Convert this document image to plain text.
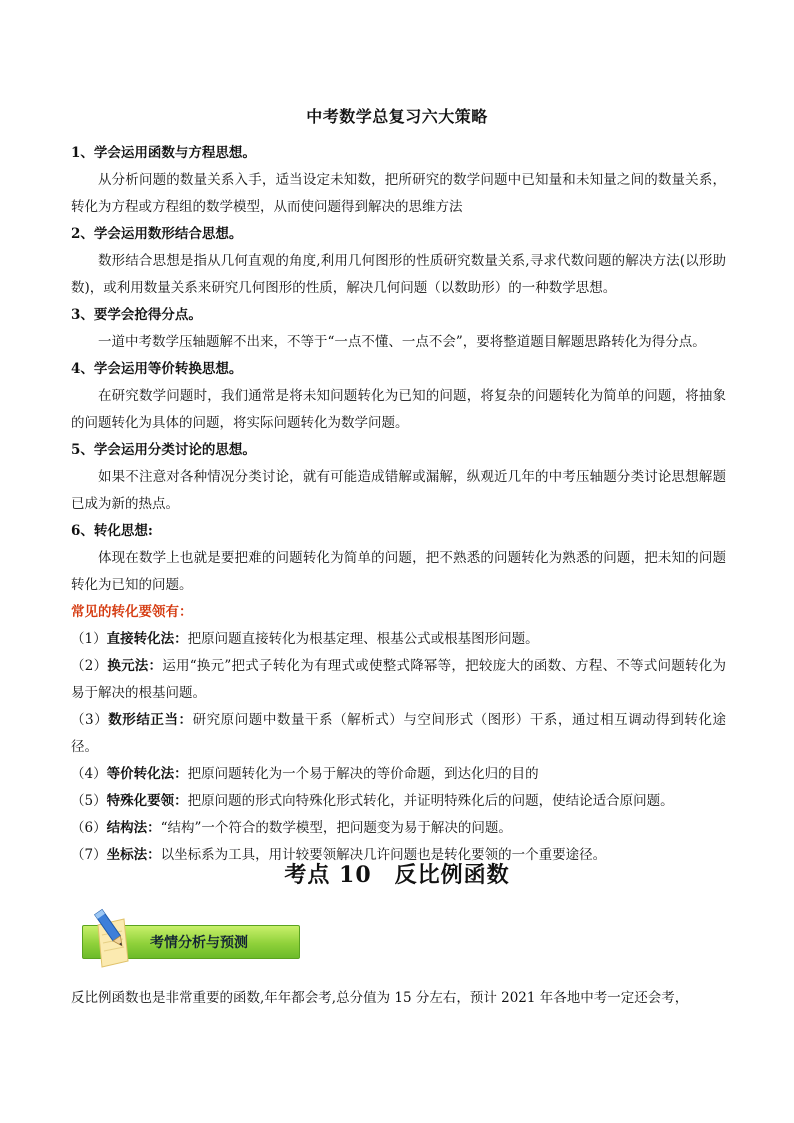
中考数学总复习六大策略
1、学会运用函数与方程思想。
从分析问题的数量关系入手，适当设定未知数，把所研究的数学问题中已知量和未知量之间的数量关系，转化为方程或方程组的数学模型，从而使问题得到解决的思维方法
2、学会运用数形结合思想。
数形结合思想是指从几何直观的角度,利用几何图形的性质研究数量关系,寻求代数问题的解决方法(以形助数)，或利用数量关系来研究几何图形的性质，解决几何问题（以数助形）的一种数学思想。
3、要学会抢得分点。
一道中考数学压轴题解不出来，不等于“一点不懂、一点不会”，要将整道题目解题思路转化为得分点。
4、学会运用等价转换思想。
在研究数学问题时，我们通常是将未知问题转化为已知的问题，将复杂的问题转化为简单的问题，将抽象的问题转化为具体的问题，将实际问题转化为数学问题。
5、学会运用分类讨论的思想。
如果不注意对各种情况分类讨论，就有可能造成错解或漏解，纵观近几年的中考压轴题分类讨论思想解题已成为新的热点。
6、转化思想:
体现在数学上也就是要把难的问题转化为简单的问题，把不熟悉的问题转化为熟悉的问题，把未知的问题转化为已知的问题。
常见的转化要领有：
（1）直接转化法：把原问题直接转化为根基定理、根基公式或根基图形问题。
（2）换元法：运用“换元”把式子转化为有理式或使整式降幂等，把较庞大的函数、方程、不等式问题转化为易于解决的根基问题。
（3）数形结正当：研究原问题中数量干系（解析式）与空间形式（图形）干系，通过相互调动得到转化途径。
（4）等价转化法：把原问题转化为一个易于解决的等价命题，到达化归的目的
（5）特殊化要领：把原问题的形式向特殊化形式转化，并证明特殊化后的问题，使结论适合原问题。
（6）结构法：“结构”一个符合的数学模型，把问题变为易于解决的问题。
（7）坐标法：以坐标系为工具，用计较要领解决几许问题也是转化要领的一个重要途径。
考点 10　反比例函数
考情分析与预测
反比例函数也是非常重要的函数,年年都会考,总分值为 15 分左右，预计 2021 年各地中考一定还会考，
